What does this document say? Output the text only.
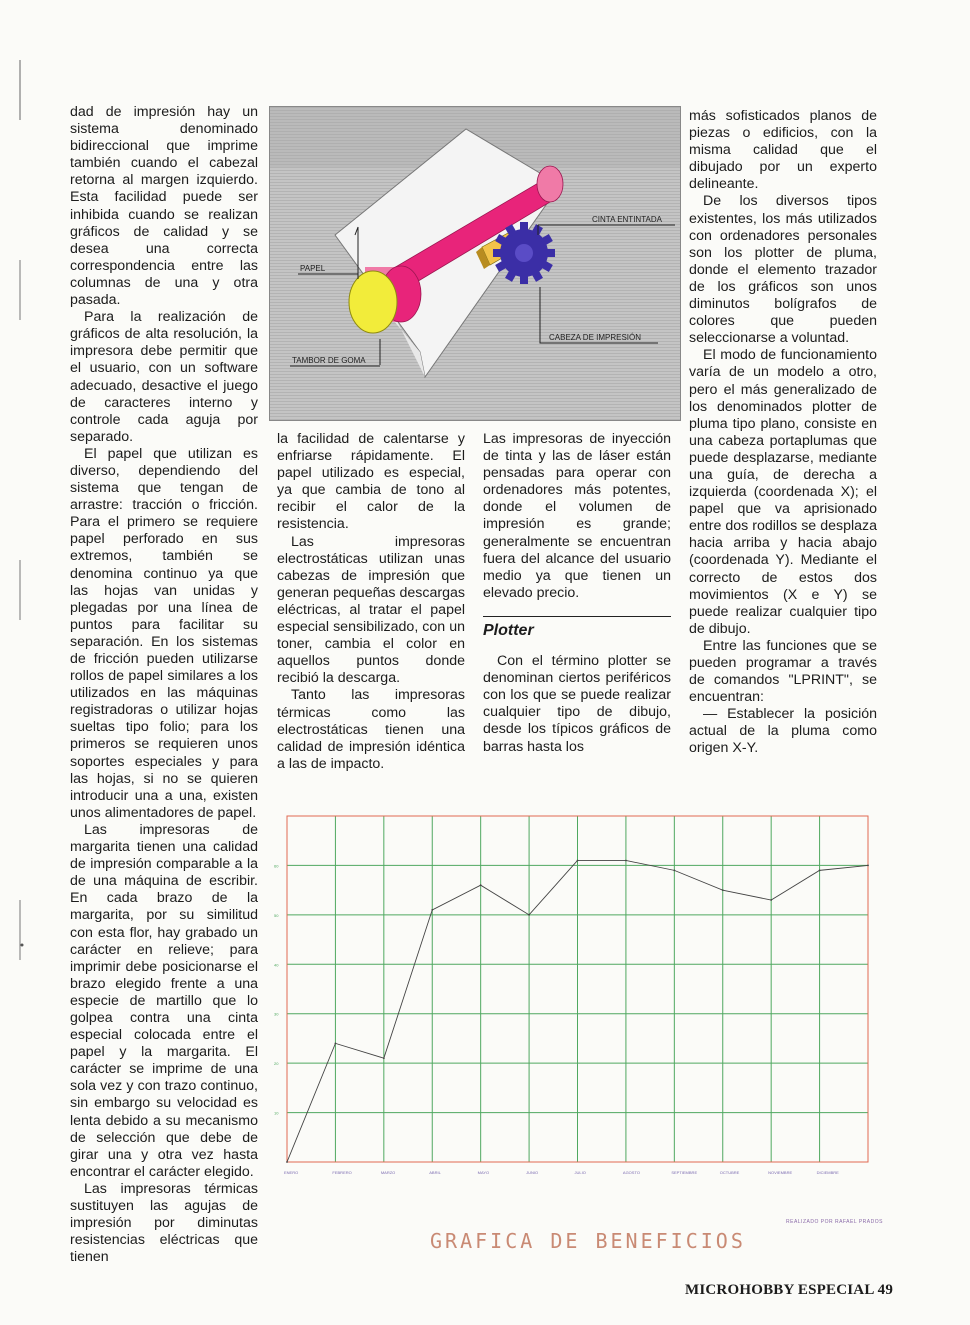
dad de impresión hay un sistema denominado bidireccional que imprime también cuando el cabezal retorna al margen izquierdo. Esta facilidad puede ser inhibida cuando se realizan gráficos de calidad y se desea una correcta correspondencia entre las columnas de una y otra pasada.

Para la realización de gráficos de alta resolución, la impresora debe permitir que el usuario, con un software adecuado, desactive el juego de caracteres interno y controle cada aguja por separado.

El papel que utilizan es diverso, dependiendo del sistema que tengan de arrastre: tracción o fricción. Para el primero se requiere papel perforado en sus extremos, también se denomina continuo ya que las hojas van unidas y plegadas por una línea de puntos para facilitar su separación. En los sistemas de fricción pueden utilizarse rollos de papel similares a los utilizados en las máquinas registradoras o utilizar hojas sueltas tipo folio; para los primeros se requieren unos soportes especiales y para las hojas, si no se quieren introducir una a una, existen unos alimentadores de papel.

Las impresoras de margarita tienen una calidad de impresión comparable a la de una máquina de escribir. En cada brazo de la margarita, por su similitud con esta flor, hay grabado un carácter en relieve; para imprimir debe posicionarse el brazo elegido frente a una especie de martillo que lo golpea contra una cinta especial colocada entre el papel y la margarita. El carácter se imprime de una sola vez y con trazo continuo, sin embargo su velocidad es lenta debido a su mecanismo de selección que debe de girar una y otra vez hasta encontrar el carácter elegido.

Las impresoras térmicas sustituyen las agujas de impresión por diminutas resistencias eléctricas que tienen

PAPEL
CINTA ENTINTADA
TAMBOR DE GOMA
CABEZA DE IMPRESIÓN

la facilidad de calentarse y enfriarse rápidamente. El papel utilizado es especial, ya que cambia de tono al recibir el calor de la resistencia.

Las impresoras electrostáticas utilizan unas cabezas de impresión que generan pequeñas descargas eléctricas, al tratar el papel especial sensibilizado, con un toner, cambia el color en aquellos puntos donde recibió la descarga.

Tanto las impresoras térmicas como las electrostáticas tienen una calidad de impresión idéntica a las de impacto.

Las impresoras de inyección de tinta y las de láser están pensadas para operar con ordenadores más potentes, donde el volumen de impresión es grande; generalmente se encuentran fuera del alcance del usuario medio ya que tienen un elevado precio.

Plotter

Con el término plotter se denominan ciertos periféricos con los que se puede realizar cualquier tipo de dibujo, desde los típicos gráficos de barras hasta los

más sofisticados planos de piezas o edificios, con la misma calidad que el dibujado por un experto delineante.

De los diversos tipos existentes, los más utilizados con ordenadores personales son los plotter de pluma, donde el elemento trazador de los gráficos son unos diminutos bolígrafos de colores que pueden seleccionarse a voluntad.

El modo de funcionamiento varía de un modelo a otro, pero el más generalizado de los denominados plotter de pluma tipo plano, consiste en una cabeza portaplumas que puede desplazarse, mediante una guía, de derecha a izquierda (coordenada X); el papel que va aprisionado entre dos rodillos se desplaza hacia arriba y hacia abajo (coordenada Y). Mediante el correcto de estos dos movimientos (X e Y) se puede realizar cualquier tipo de dibujo.

Entre las funciones que se pueden programar a través de comandos "LPRINT", se encuentran:

— Establecer la posición actual de la pluma como origen X-Y.

10
20
30
40
50
60
ENERO	FEBRERO	MARZO	ABRIL	MAYO	JUNIO	JULIO	AGOSTO	SEPTIEMBRE	OCTUBRE	NOVIEMBRE	DICIEMBRE
GRAFICA DE BENEFICIOS
REALIZADO POR RAFAEL PRADOS
MICROHOBBY ESPECIAL 49
